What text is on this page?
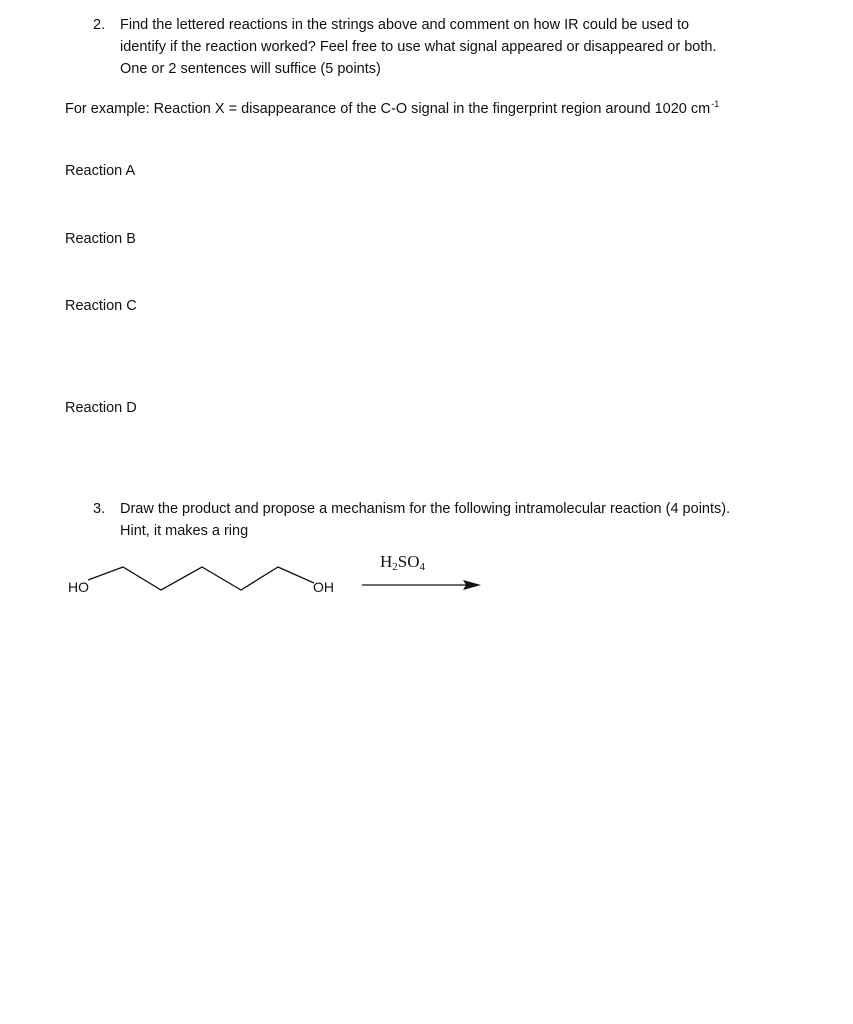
2. Find the lettered reactions in the strings above and comment on how IR could be used to
identify if the reaction worked? Feel free to use what signal appeared or disappeared or both.
One or 2 sentences will suffice (5 points)
For example: Reaction X = disappearance of the C-O signal in the fingerprint region around 1020 $cm^{-1}$
Reaction A
Reaction B
Reaction C
Reaction D
3. Draw the product and propose a mechanism for the following intramolecular reaction (4 points).
Hint, it makes a ring
HO	OH
$H_2SO_4$
